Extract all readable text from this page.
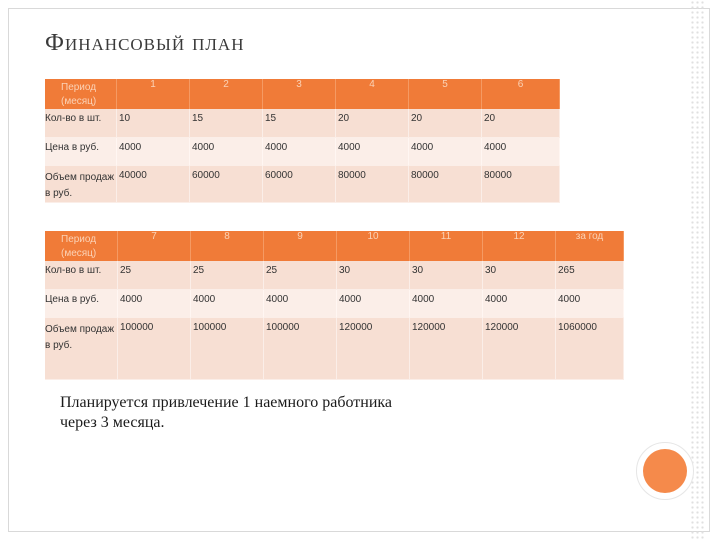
Финансовый план
Период (месяц)	1	2	3	4	5	6
Кол-во в шт.	10	15	15	20	20	20
Цена в руб.	4000	4000	4000	4000	4000	4000
Объем продаж в руб.	40000	60000	60000	80000	80000	80000
Период (месяц)	7	8	9	10	11	12	за год
Кол-во в шт.	25	25	25	30	30	30	265
Цена в руб.	4000	4000	4000	4000	4000	4000	4000
Объем продаж в руб.	100000	100000	100000	120000	120000	120000	1060000
Планируется привлечение 1 наемного работника через 3 месяца.
